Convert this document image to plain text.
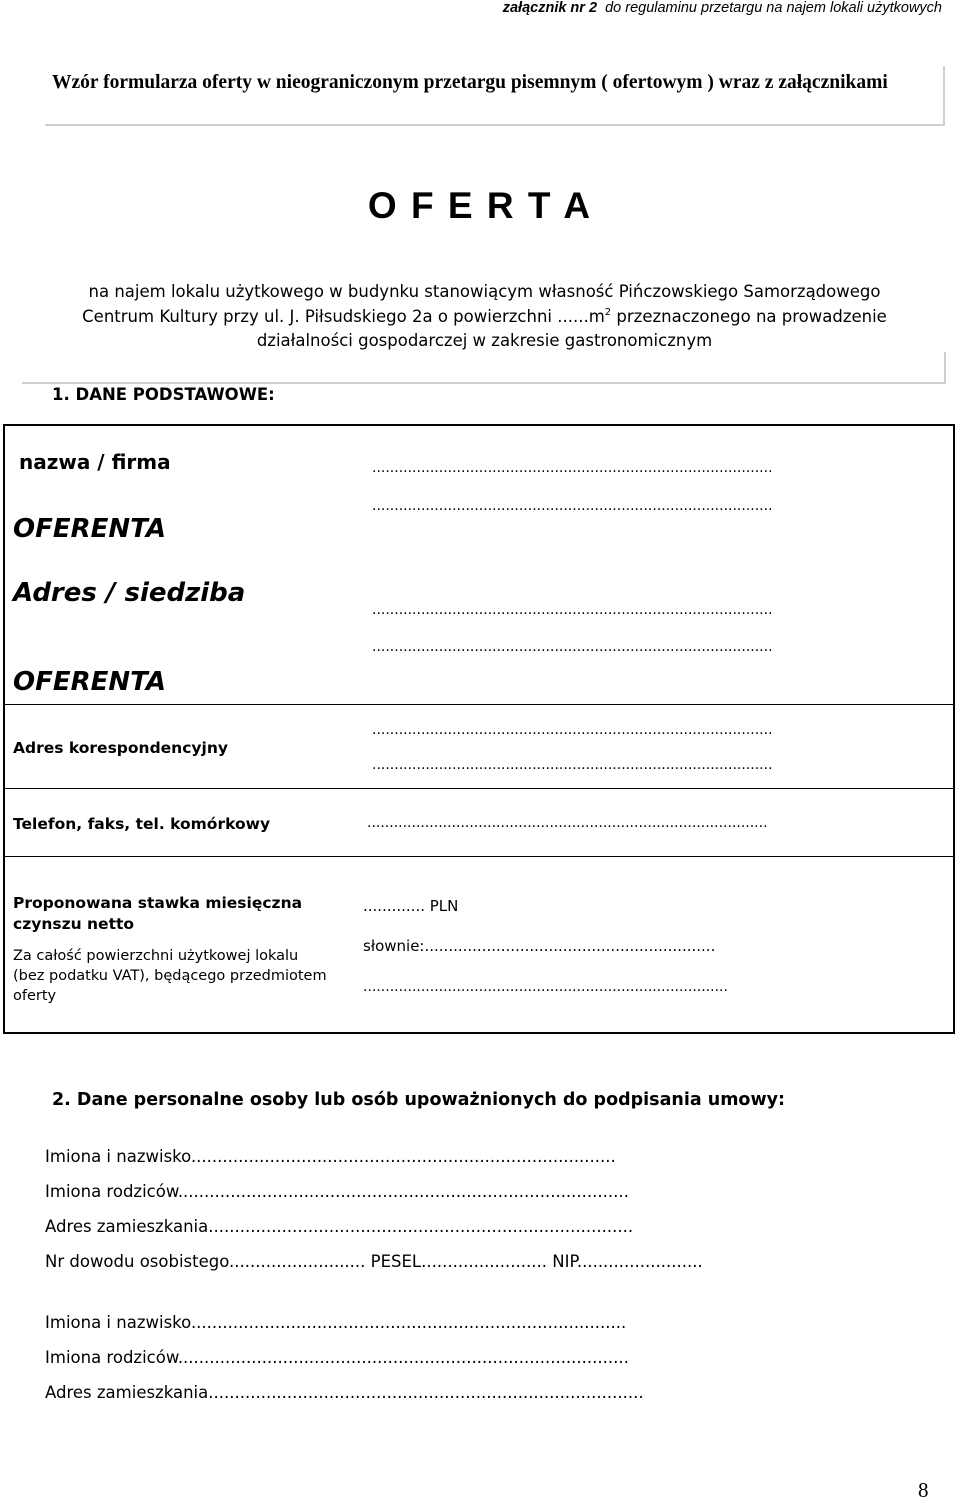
załącznik nr 2 do regulaminu przetargu na najem lokali użytkowych
Wzór formularza oferty w nieograniczonym przetargu pisemnym ( ofertowym ) wraz z załącznikami
O F E R T A
na najem lokalu użytkowego w budynku stanowiącym własność Pińczowskiego Samorządowego
Centrum Kultury przy ul. J. Piłsudskiego 2a o powierzchni $......m^2$ przeznaczonego na prowadzenie
działalności gospodarczej w zakresie gastronomicznym
1. DANE PODSTAWOWE:
nazwa / firma
OFERENTA
Adres / siedziba
OFERENTA
..........................................................................................
..........................................................................................
..........................................................................................
..........................................................................................
Adres korespondencyjny
..........................................................................................
..........................................................................................
Telefon, faks, tel. komórkowy	..........................................................................................
Proponowana stawka miesięczna
czynszu netto
Za całość powierzchni użytkowej lokalu
(bez podatku VAT), będącego przedmiotem
oferty
............. PLN
słownie:.............................................................
..................................................................................
2. Dane personalne osoby lub osób upoważnionych do podpisania umowy:
Imiona i nazwisko.................................................................................
Imiona rodziców......................................................................................
Adres zamieszkania.................................................................................
Nr dowodu osobistego.......................... PESEL........................ NIP........................
Imiona i nazwisko...................................................................................
Imiona rodziców......................................................................................
Adres zamieszkania...................................................................................
8
